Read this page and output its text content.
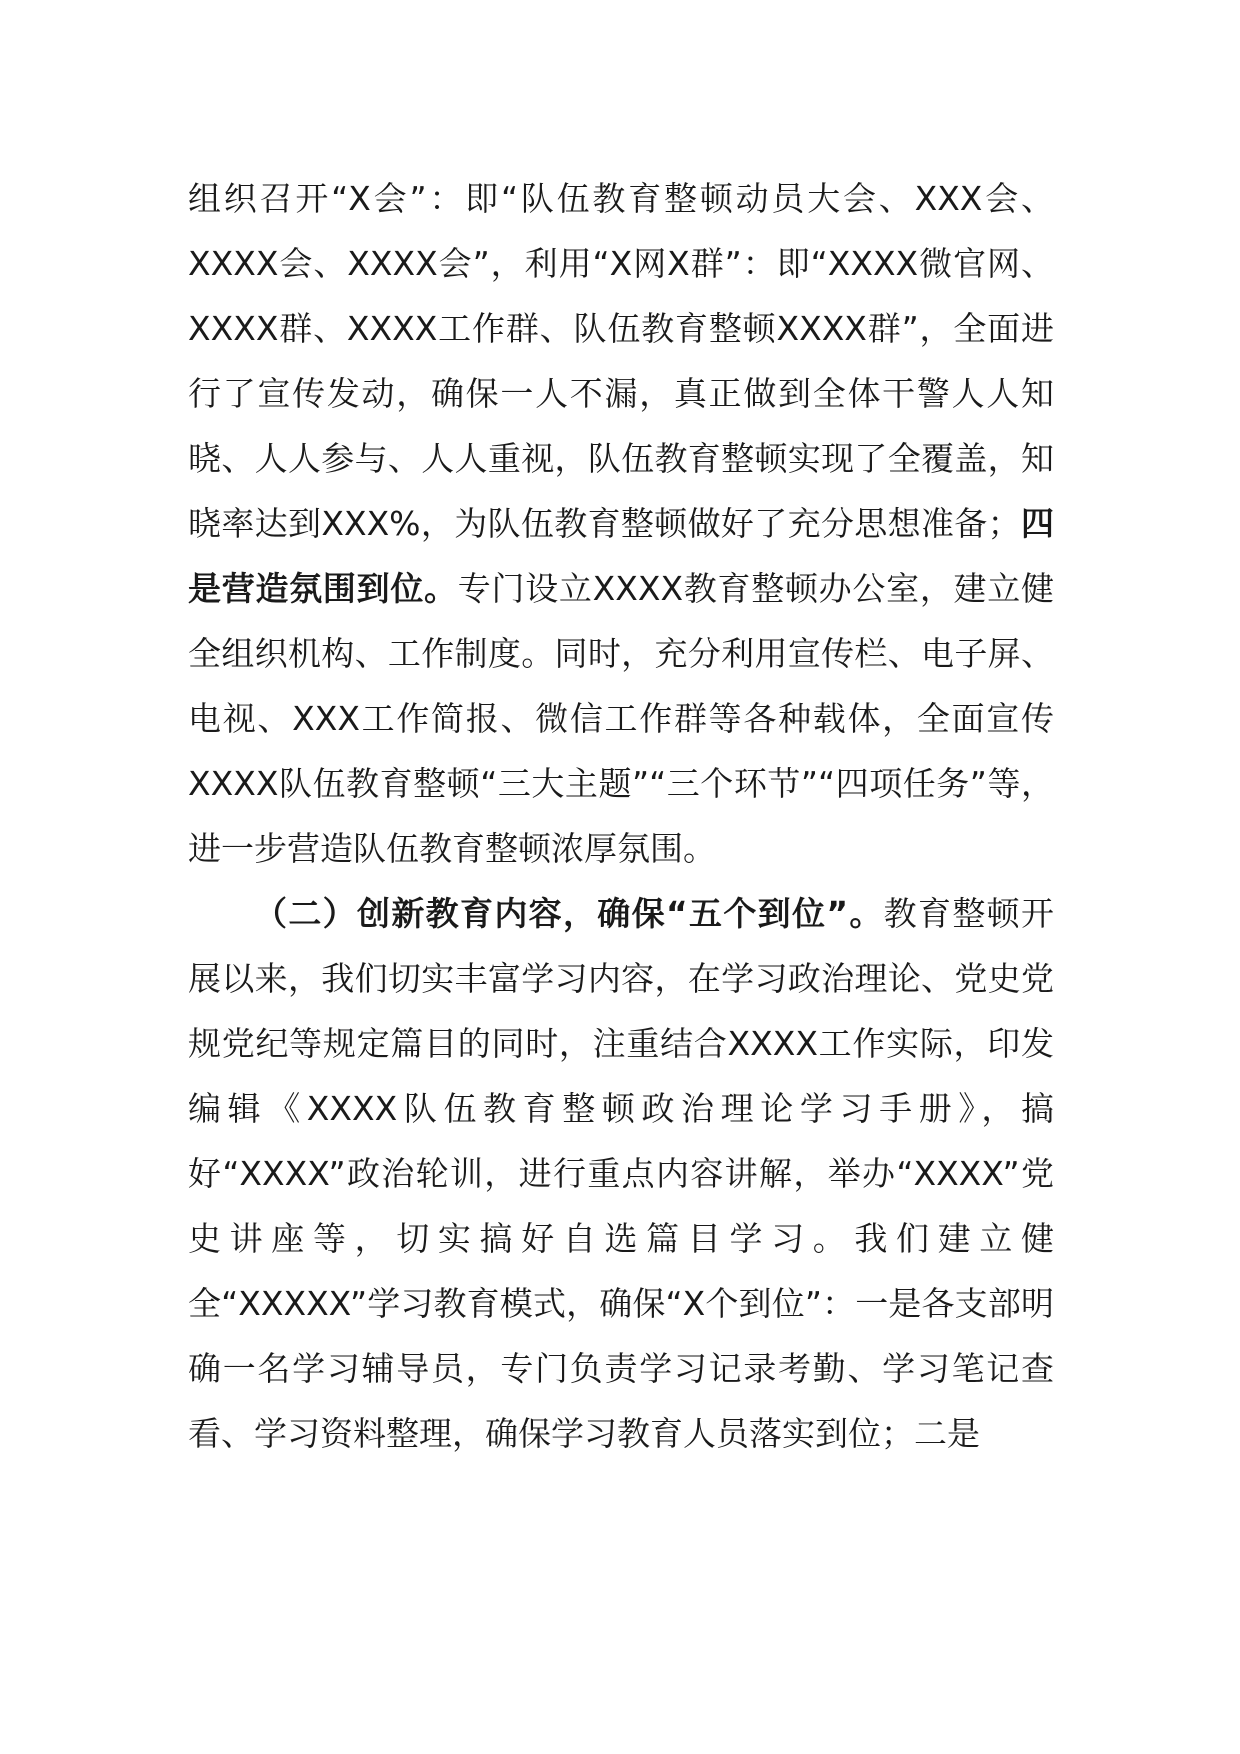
组织召开“X会”：即“队伍教育整顿动员大会、XXX会、XXXX会、XXXX会”，利用“X网X群”：即“XXXX微官网、XXXX群、XXXX工作群、队伍教育整顿XXXX群”，全面进行了宣传发动，确保一人不漏，真正做到全体干警人人知晓、人人参与、人人重视，队伍教育整顿实现了全覆盖，知晓率达到XXX%，为队伍教育整顿做好了充分思想准备；四是营造氛围到位。专门设立XXXX教育整顿办公室，建立健全组织机构、工作制度。同时，充分利用宣传栏、电子屏、电视、XXX工作简报、微信工作群等各种载体，全面宣传XXXX队伍教育整顿“三大主题”“三个环节”“四项任务”等，进一步营造队伍教育整顿浓厚氛围。

（二）创新教育内容，确保“五个到位”。教育整顿开展以来，我们切实丰富学习内容，在学习政治理论、党史党规党纪等规定篇目的同时，注重结合XXXX工作实际，印发编辑《XXXX队伍教育整顿政治理论学习手册》，搞好“XXXX”政治轮训，进行重点内容讲解，举办“XXXX”党史讲座等，切实搞好自选篇目学习。我们建立健全“XXXXX”学习教育模式，确保“X个到位”：一是各支部明确一名学习辅导员，专门负责学习记录考勤、学习笔记查看、学习资料整理，确保学习教育人员落实到位；二是
